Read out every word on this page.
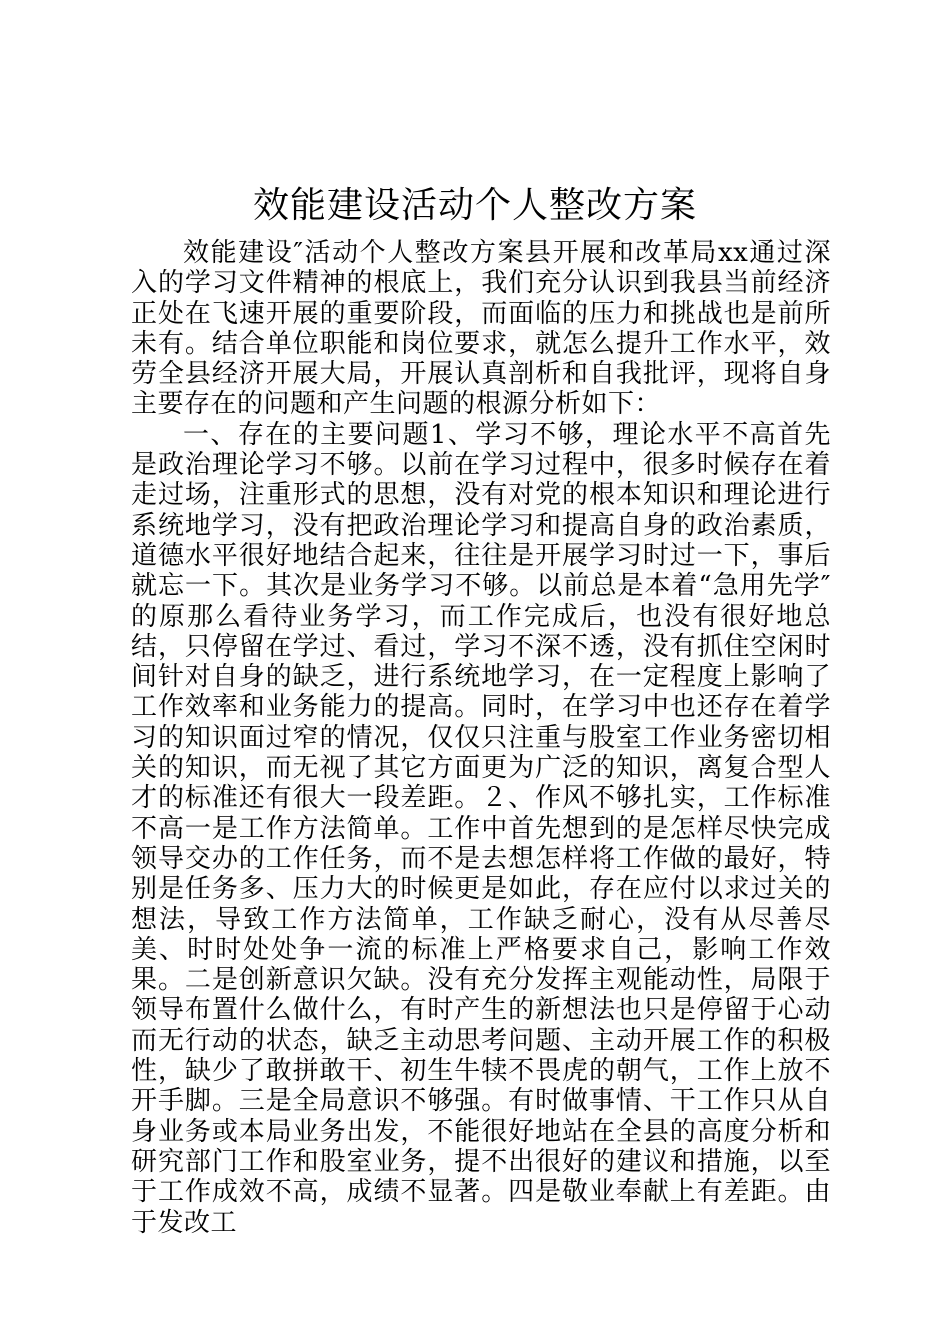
效能建设活动个人整改方案

效能建设″活动个人整改方案县开展和改革局xx通过深入的学习文件精神的根底上，我们充分认识到我县当前经济正处在飞速开展的重要阶段，而面临的压力和挑战也是前所未有。结合单位职能和岗位要求，就怎么提升工作水平，效劳全县经济开展大局，开展认真剖析和自我批评，现将自身主要存在的问题和产生问题的根源分析如下：

一、存在的主要问题1、学习不够，理论水平不高首先是政治理论学习不够。以前在学习过程中，很多时候存在着走过场，注重形式的思想，没有对党的根本知识和理论进行系统地学习，没有把政治理论学习和提高自身的政治素质，道德水平很好地结合起来，往往是开展学习时过一下，事后就忘一下。其次是业务学习不够。以前总是本着“急用先学″的原那么看待业务学习，而工作完成后，也没有很好地总结，只停留在学过、看过，学习不深不透，没有抓住空闲时间针对自身的缺乏，进行系统地学习，在一定程度上影响了工作效率和业务能力的提高。同时，在学习中也还存在着学习的知识面过窄的情况，仅仅只注重与股室工作业务密切相关的知识，而无视了其它方面更为广泛的知识，离复合型人才的标准还有很大一段差距。２、作风不够扎实，工作标准不高一是工作方法简单。工作中首先想到的是怎样尽快完成领导交办的工作任务，而不是去想怎样将工作做的最好，特别是任务多、压力大的时候更是如此，存在应付以求过关的想法，导致工作方法简单，工作缺乏耐心，没有从尽善尽美、时时处处争一流的标准上严格要求自己，影响工作效果。二是创新意识欠缺。没有充分发挥主观能动性，局限于领导布置什么做什么，有时产生的新想法也只是停留于心动而无行动的状态，缺乏主动思考问题、主动开展工作的积极性，缺少了敢拼敢干、初生牛犊不畏虎的朝气，工作上放不开手脚。三是全局意识不够强。有时做事情、干工作只从自身业务或本局业务出发，不能很好地站在全县的高度分析和研究部门工作和股室业务，提不出很好的建议和措施，以至于工作成效不高，成绩不显著。四是敬业奉献上有差距。由于发改工
